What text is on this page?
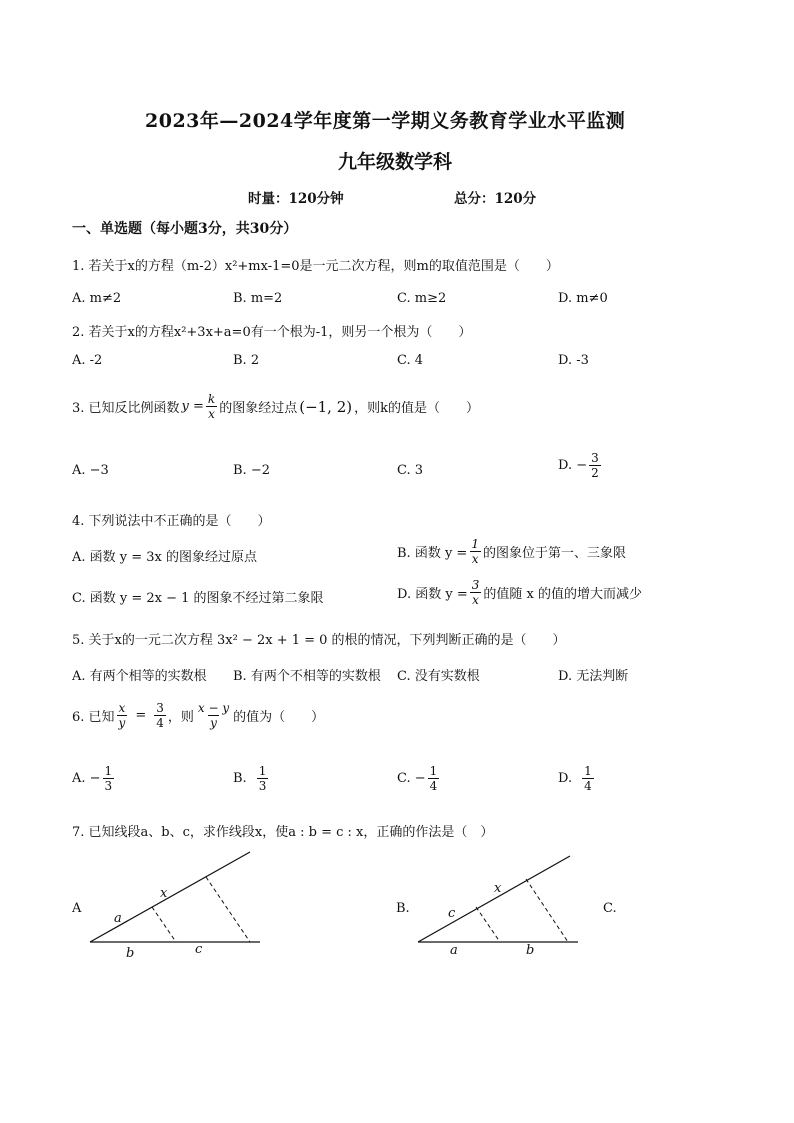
2023年—2024学年度第一学期义务教育学业水平监测
九年级数学科
时量：120分钟	总分：120分
一、单选题（每小题3分，共30分）
1. 若关于x的方程（m-2）x²+mx-1=0是一元二次方程，则m的取值范围是（　　）
A. m≠2	B. m=2	C. m≥2	D. m≠0
2. 若关于x的方程x²+3x+a=0有一个根为-1，则另一个根为（　　）
A. -2	B. 2	C. 4	D. -3
3. 已知反比例函数 $y = \frac{k}{x}$ 的图象经过点 (−1, 2) ，则k的值是（　　）
A. −3	B. −2	C. 3	D. − $\frac{3}{2}$
4. 下列说法中不正确的是（　　）
A. 函数 y = 3x 的图象经过原点	B. 函数 $y = \frac{1}{x}$ 的图象位于第一、三象限
C. 函数 y = 2x − 1 的图象不经过第二象限	D. 函数 $y = \frac{3}{x}$ 的值随 x 的值的增大而减少
5. 关于x的一元二次方程 3x² − 2x + 1 = 0 的根的情况，下列判断正确的是（　　）
A. 有两个相等的实数根 B. 有两个不相等的实数根 C. 没有实数根	D. 无法判断
6. 已知 $\frac{x}{y} = \frac{3}{4}$ ，则 $\frac{x - y}{y}$ 的值为（　　）
A. − $\frac{1}{3}$	B. $\frac{1}{3}$	C. − $\frac{1}{4}$	D. $\frac{1}{4}$
7. 已知线段a、b、c，求作线段x，使a : b = c : x，正确的作法是（　）
A
x
a
b	c
B.
x
c
a	b
C.
